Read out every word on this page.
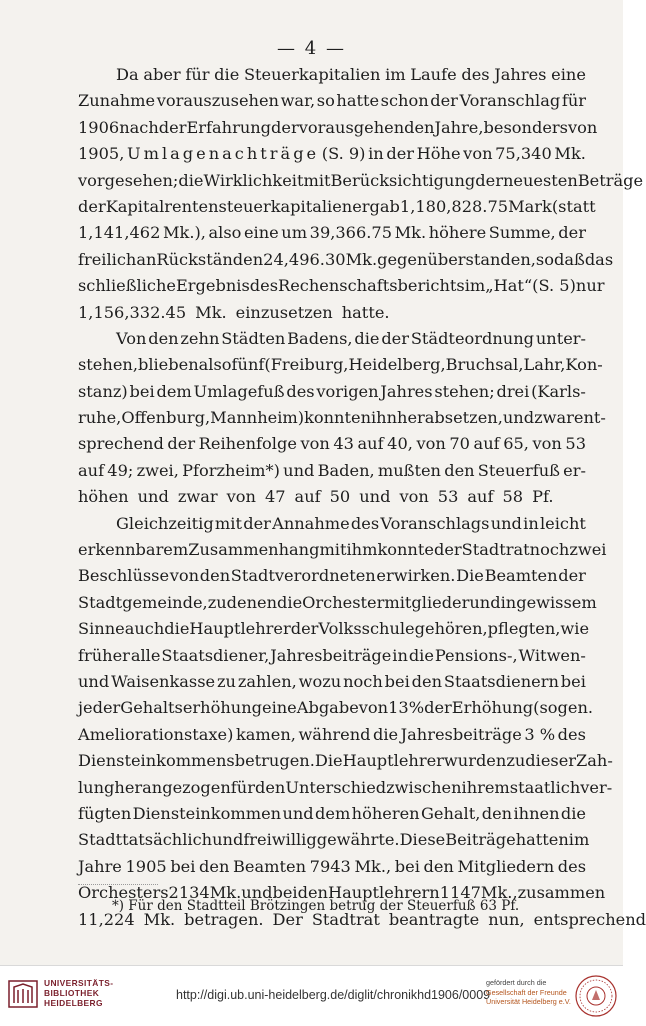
— 4 —
Da aber für die Steuerkapitalien im Laufe des Jahres eine
Zunahme vorauszusehen war, so hatte schon der Voranschlag für
1906 nach der Erfahrung der vorausgehenden Jahre, besonders von
1905, Umlagenachträge (S. 9) in der Höhe von 75,340 Mk.
vorgesehen; die Wirklichkeit mit Berücksichtigung der neuesten Beträge
der Kapitalrentensteuerkapitalien ergab 1,180,828.75 Mark (statt
1,141,462 Mk.), also eine um 39,366.75 Mk. höhere Summe, der
freilich an Rückständen 24,496.30 Mk. gegenüberstanden, so daß das
schließliche Ergebnis des Rechenschaftsberichts im „Hat“ (S. 5) nur
1,156,332.45 Mk. einzusetzen hatte.
Von den zehn Städten Badens, die der Städteordnung unter-
stehen, blieben also fünf (Freiburg, Heidelberg, Bruchsal, Lahr, Kon-
stanz) bei dem Umlagefuß des vorigen Jahres stehen; drei (Karls-
ruhe, Offenburg, Mannheim) konnten ihn herabsetzen, und zwar ent-
sprechend der Reihenfolge von 43 auf 40, von 70 auf 65, von 53
auf 49; zwei, Pforzheim*) und Baden, mußten den Steuerfuß er-
höhen und zwar von 47 auf 50 und von 53 auf 58 Pf.
Gleichzeitig mit der Annahme des Voranschlags und in leicht
erkennbarem Zusammenhang mit ihm konnte der Stadtrat noch zwei
Beschlüsse von den Stadtverordneten erwirken. Die Beamten der
Stadtgemeinde, zu denen die Orchestermitglieder und in gewissem
Sinne auch die Hauptlehrer der Volksschule gehören, pflegten, wie
früher alle Staatsdiener, Jahresbeiträge in die Pensions-, Witwen-
und Waisenkasse zu zahlen, wozu noch bei den Staatsdienern bei
jeder Gehaltserhöhung eine Abgabe von 13% der Erhöhung (sogen.
Ameliorationstaxe) kamen, während die Jahresbeiträge 3 % des
Diensteinkommens betrugen. Die Hauptlehrer wurden zu dieser Zah-
lung herangezogen für den Unterschied zwischen ihrem staatlich ver-
fügten Diensteinkommen und dem höheren Gehalt, den ihnen die
Stadt tatsächlich und freiwillig gewährte. Diese Beiträge hatten im
Jahre 1905 bei den Beamten 7943 Mk., bei den Mitgliedern des
Orchesters 2134 Mk. und bei den Hauptlehrern 1147 Mk., zusammen
11,224 Mk. betragen. Der Stadtrat beantragte nun, entsprechend
*) Für den Stadtteil Brötzingen betrug der Steuerfuß 63 Pf.
UNIVERSITÄTS-
BIBLIOTHEK
HEIDELBERG
http://digi.ub.uni-heidelberg.de/diglit/chronikhd1906/0009
gefördert durch die
Gesellschaft der Freunde
Universität Heidelberg e.V.
